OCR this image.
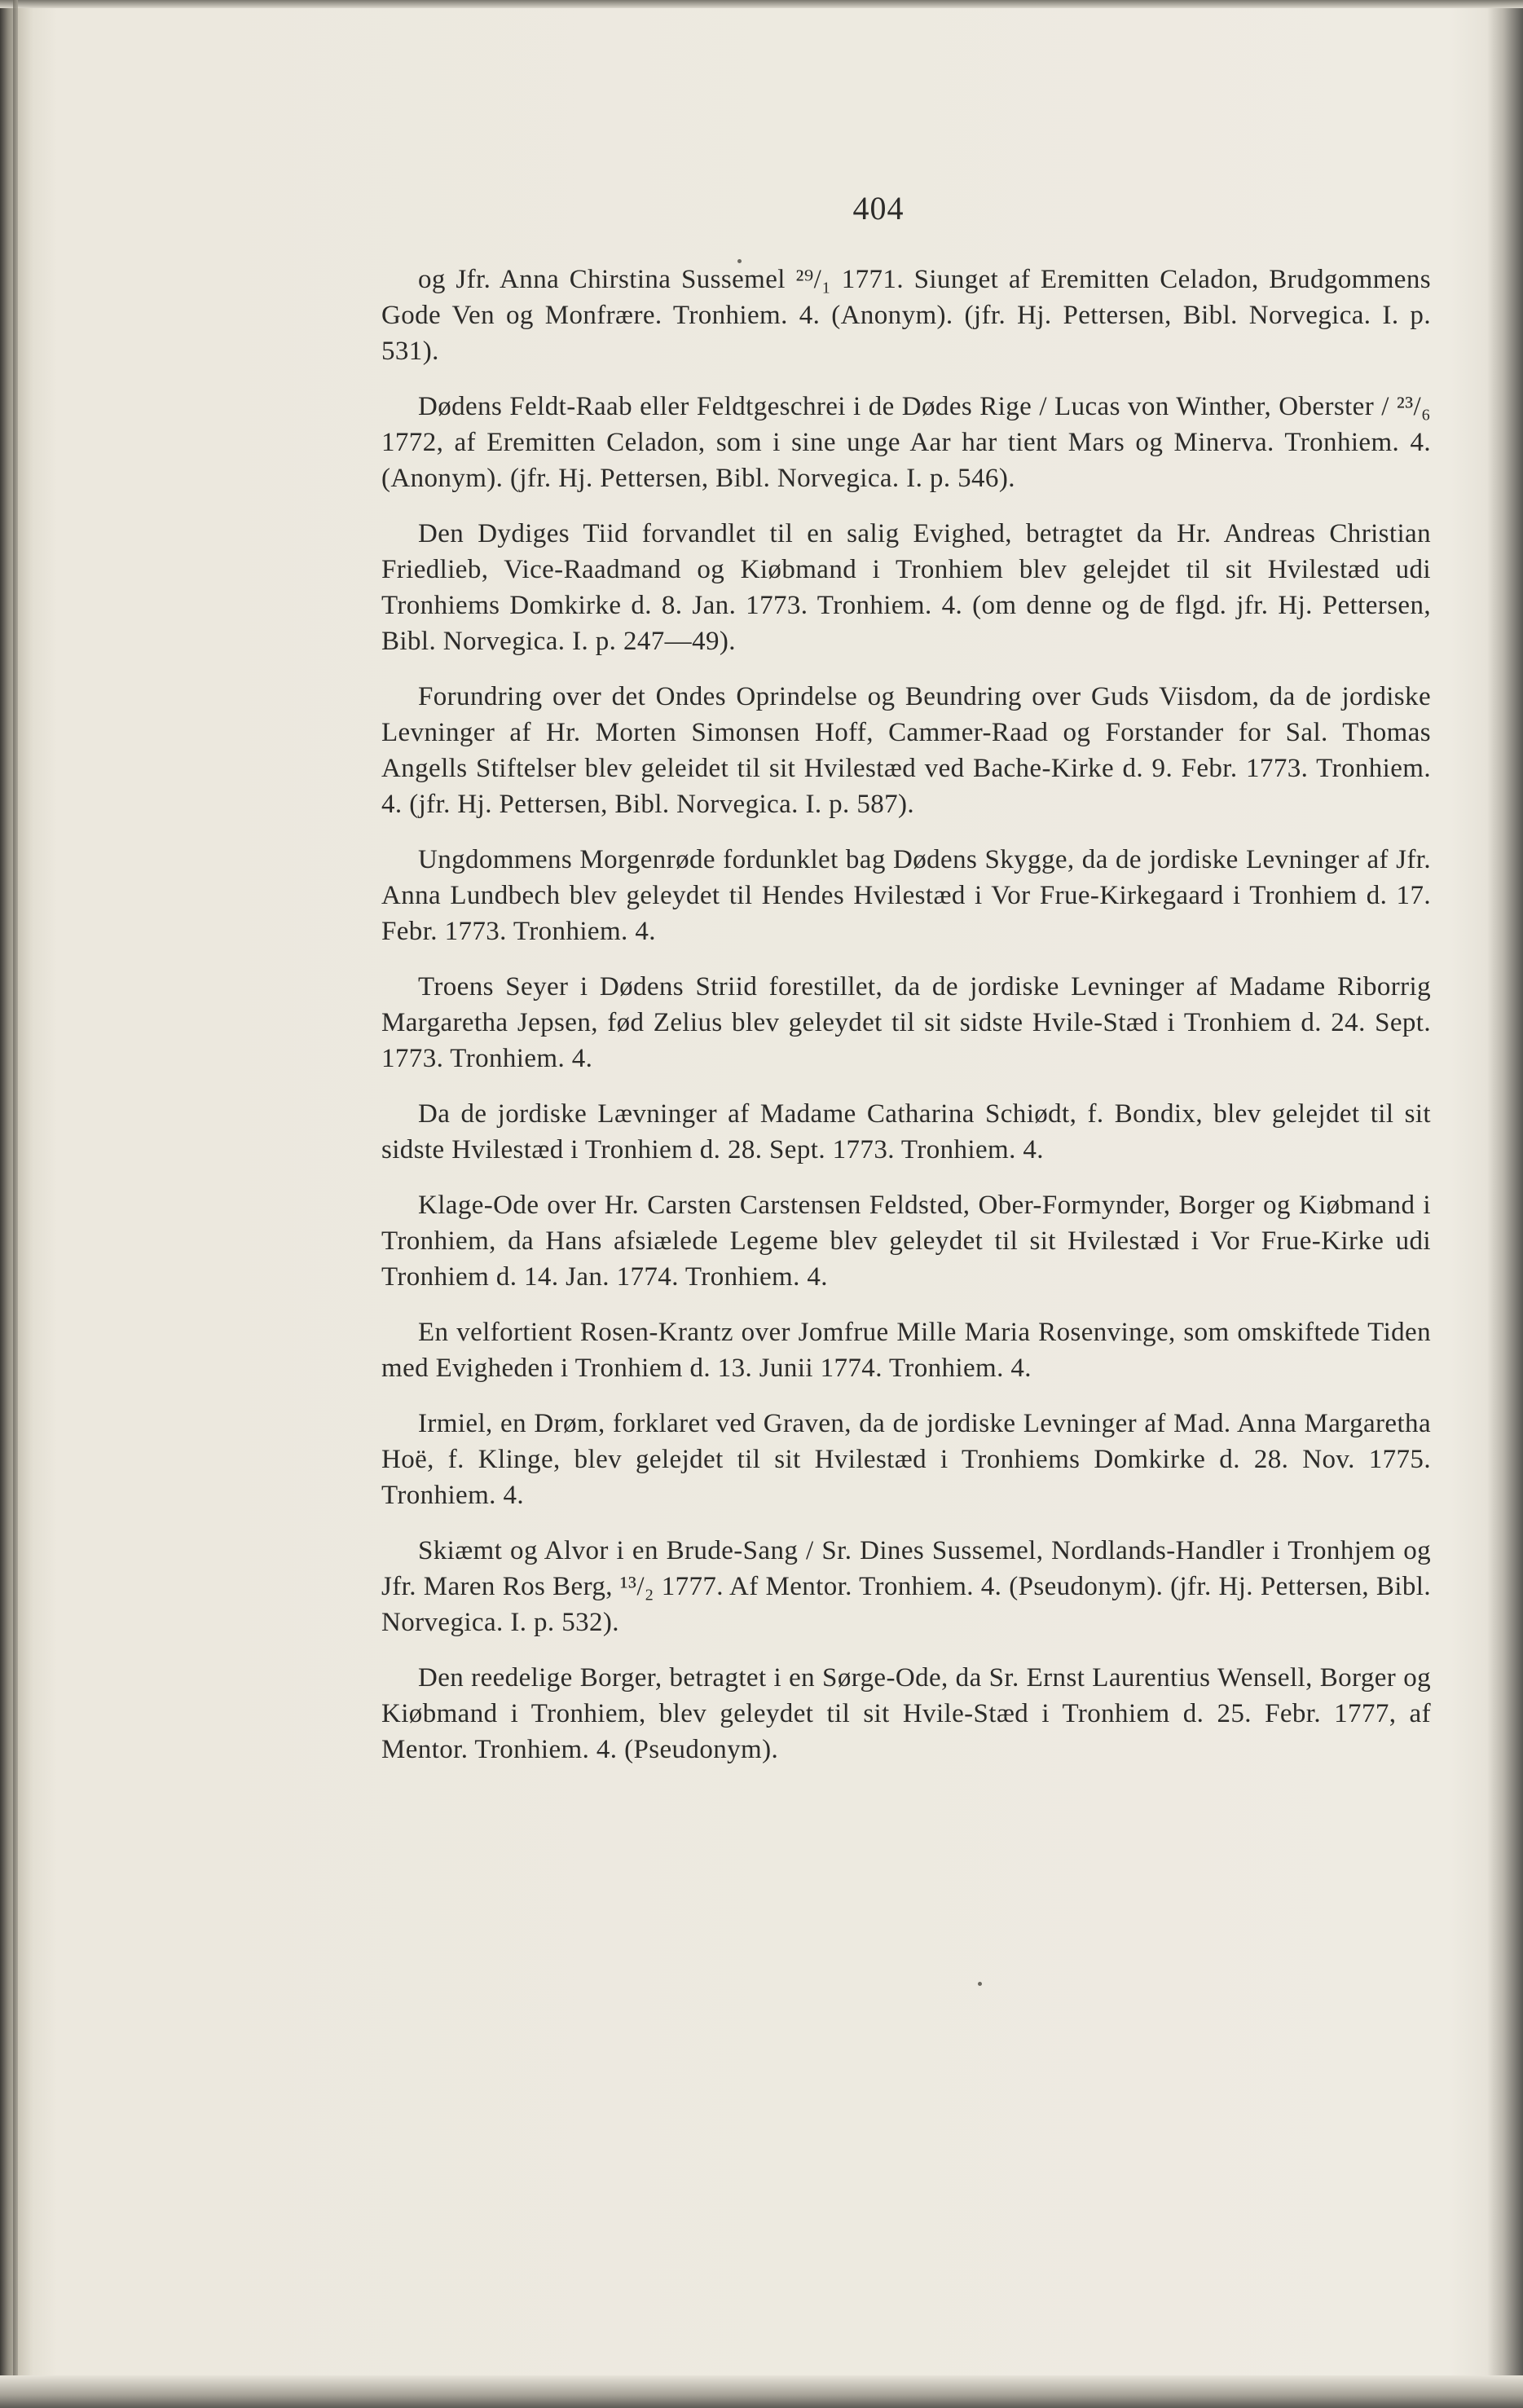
404

og Jfr. Anna Chirstina Sussemel ²⁹/₁ 1771. Siunget af Eremitten Celadon, Brudgommens Gode Ven og Monfrære. Tronhiem. 4. (Anonym). (jfr. Hj. Pettersen, Bibl. Norvegica. I. p. 531).

Dødens Feldt-Raab eller Feldtgeschrei i de Dødes Rige / Lucas von Winther, Oberster / ²³/₆ 1772, af Eremitten Celadon, som i sine unge Aar har tient Mars og Minerva. Tronhiem. 4. (Anonym). (jfr. Hj. Pettersen, Bibl. Norvegica. I. p. 546).

Den Dydiges Tiid forvandlet til en salig Evighed, betragtet da Hr. Andreas Christian Friedlieb, Vice-Raadmand og Kiøbmand i Tronhiem blev gelejdet til sit Hvilestæd udi Tronhiems Domkirke d. 8. Jan. 1773. Tronhiem. 4. (om denne og de flgd. jfr. Hj. Pettersen, Bibl. Norvegica. I. p. 247—49).

Forundring over det Ondes Oprindelse og Beundring over Guds Viisdom, da de jordiske Levninger af Hr. Morten Simonsen Hoff, Cammer-Raad og Forstander for Sal. Thomas Angells Stiftelser blev geleidet til sit Hvilestæd ved Bache-Kirke d. 9. Febr. 1773. Tronhiem. 4. (jfr. Hj. Pettersen, Bibl. Norvegica. I. p. 587).

Ungdommens Morgenrøde fordunklet bag Dødens Skygge, da de jordiske Levninger af Jfr. Anna Lundbech blev geleydet til Hendes Hvilestæd i Vor Frue-Kirkegaard i Tronhiem d. 17. Febr. 1773. Tronhiem. 4.

Troens Seyer i Dødens Striid forestillet, da de jordiske Levninger af Madame Riborrig Margaretha Jepsen, fød Zelius blev geleydet til sit sidste Hvile-Stæd i Tronhiem d. 24. Sept. 1773. Tronhiem. 4.

Da de jordiske Lævninger af Madame Catharina Schiødt, f. Bondix, blev gelejdet til sit sidste Hvilestæd i Tronhiem d. 28. Sept. 1773. Tronhiem. 4.

Klage-Ode over Hr. Carsten Carstensen Feldsted, Ober-Formynder, Borger og Kiøbmand i Tronhiem, da Hans afsiælede Legeme blev geleydet til sit Hvilestæd i Vor Frue-Kirke udi Tronhiem d. 14. Jan. 1774. Tronhiem. 4.

En velfortient Rosen-Krantz over Jomfrue Mille Maria Rosenvinge, som omskiftede Tiden med Evigheden i Tronhiem d. 13. Junii 1774. Tronhiem. 4.

Irmiel, en Drøm, forklaret ved Graven, da de jordiske Levninger af Mad. Anna Margaretha Hoë, f. Klinge, blev gelejdet til sit Hvilestæd i Tronhiems Domkirke d. 28. Nov. 1775. Tronhiem. 4.

Skiæmt og Alvor i en Brude-Sang / Sr. Dines Sussemel, Nordlands-Handler i Tronhjem og Jfr. Maren Ros Berg, ¹³/₂ 1777. Af Mentor. Tronhiem. 4. (Pseudonym). (jfr. Hj. Pettersen, Bibl. Norvegica. I. p. 532).

Den reedelige Borger, betragtet i en Sørge-Ode, da Sr. Ernst Laurentius Wensell, Borger og Kiøbmand i Tronhiem, blev geleydet til sit Hvile-Stæd i Tronhiem d. 25. Febr. 1777, af Mentor. Tronhiem. 4. (Pseudonym).
